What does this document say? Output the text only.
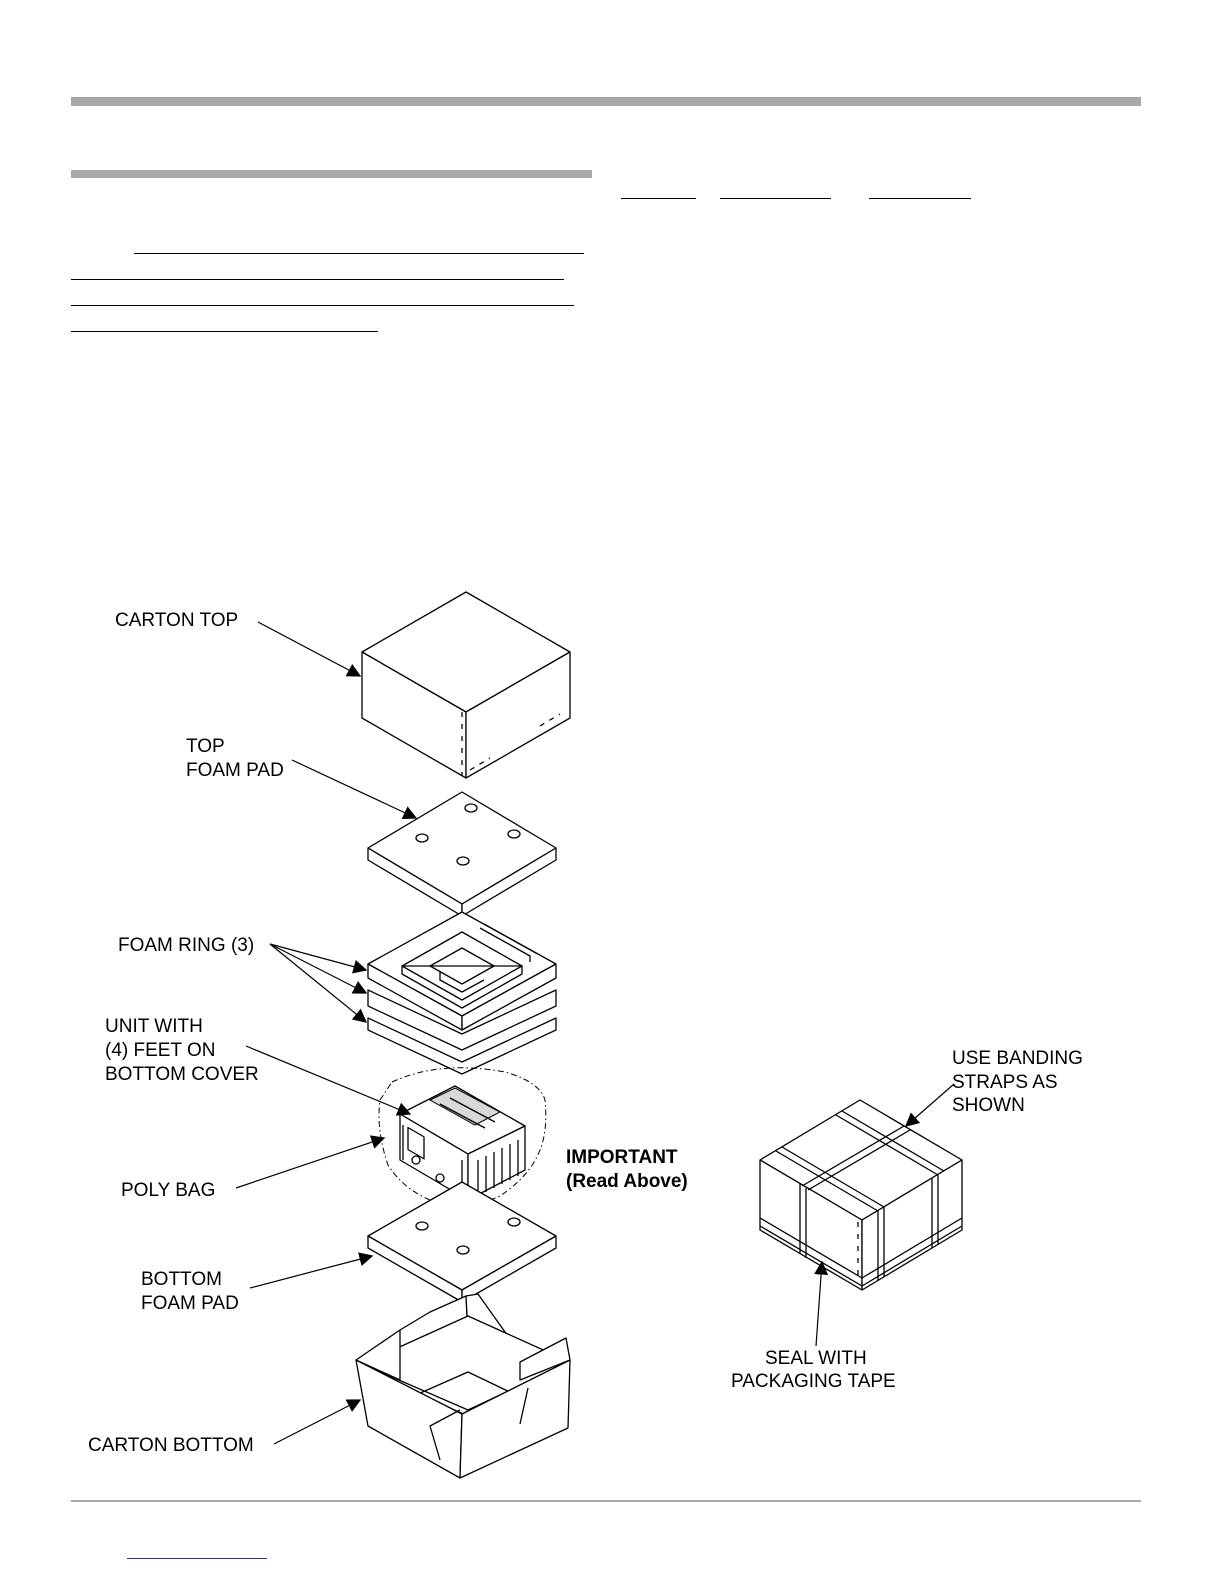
CARTON TOP
TOP
FOAM PAD
FOAM RING (3)
UNIT WITH
(4) FEET ON
BOTTOM COVER
POLY BAG
IMPORTANT
(Read Above)
BOTTOM
FOAM PAD
CARTON BOTTOM
USE BANDING
STRAPS AS
SHOWN
SEAL WITH
PACKAGING TAPE
